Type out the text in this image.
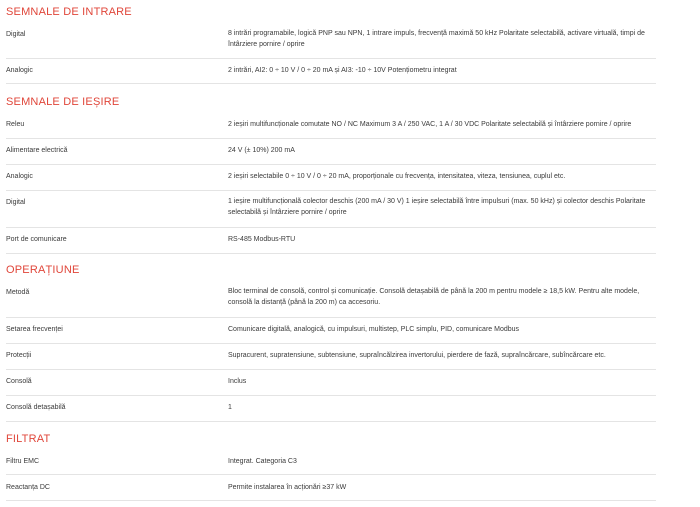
SEMNALE DE INTRARE
Digital	8 intrări programabile, logică PNP sau NPN, 1 intrare impuls, frecvență maximă 50 kHz Polaritate selectabilă, activare virtuală, timpi de întârziere pornire / oprire
Analogic	2 intrări, AI2: 0 ÷ 10 V / 0 ÷ 20 mA și AI3: -10 ÷ 10V Potențiometru integrat
SEMNALE DE IEȘIRE
Releu	2 ieșiri multifuncționale comutate NO / NC Maximum 3 A / 250 VAC, 1 A / 30 VDC Polaritate selectabilă și întârziere pornire / oprire
Alimentare electrică	24 V (± 10%) 200 mA
Analogic	2 ieșiri selectabile 0 ÷ 10 V / 0 ÷ 20 mA, proporționale cu frecvența, intensitatea, viteza, tensiunea, cuplul etc.
Digital	1 ieșire multifuncțională colector deschis (200 mA / 30 V) 1 ieșire selectabilă între impulsuri (max. 50 kHz) și colector deschis Polaritate selectabilă și întârziere pornire / oprire
Port de comunicare	RS-485 Modbus-RTU
OPERAȚIUNE
Metodă	Bloc terminal de consolă, control și comunicație. Consolă detașabilă de până la 200 m pentru modele ≥ 18,5 kW. Pentru alte modele, consolă la distanță (până la 200 m) ca accesoriu.
Setarea frecvenței	Comunicare digitală, analogică, cu impulsuri, multistep, PLC simplu, PID, comunicare Modbus
Protecții	Supracurent, supratensiune, subtensiune, supraîncălzirea invertorului, pierdere de fază, supraîncărcare, subîncărcare etc.
Consolă	Inclus
Consolă detașabilă	1
FILTRAT
Filtru EMC	Integrat. Categoria C3
Reactanța DC	Permite instalarea în acționări ≥37 kW
